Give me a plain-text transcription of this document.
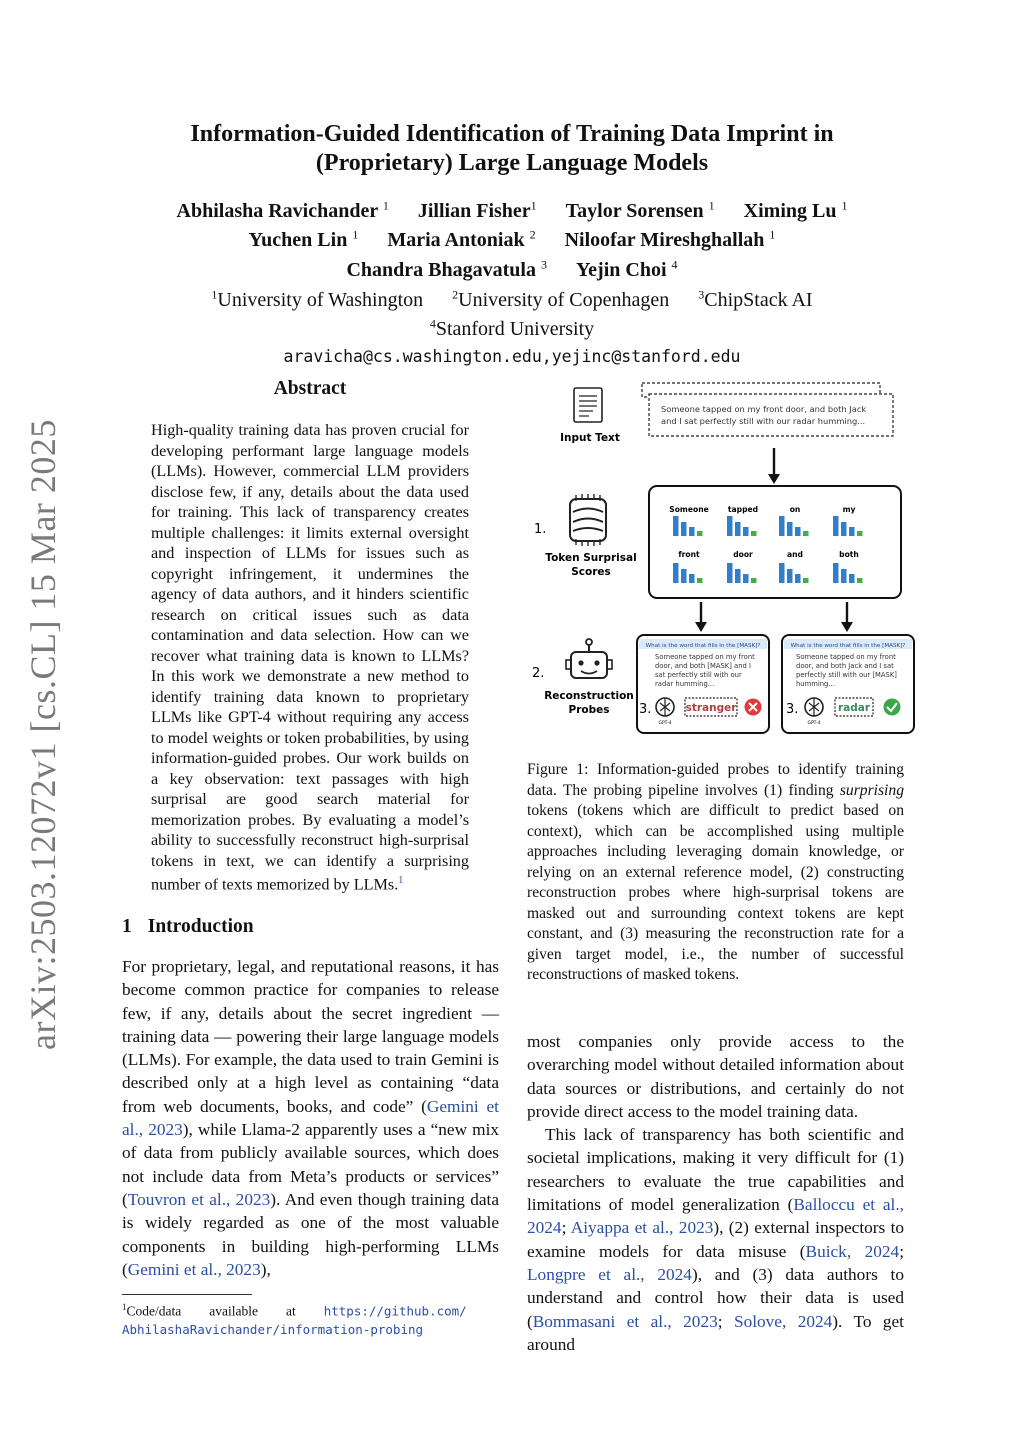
arXiv:2503.12072v1 [cs.CL] 15 Mar 2025
Information-Guided Identification of Training Data Imprint in
(Proprietary) Large Language Models
Abhilasha Ravichander $^1$ Jillian Fisher$^1$ Taylor Sorensen $^1$ Ximing Lu $^1$
Yuchen Lin $^1$ Maria Antoniak $^2$ Niloofar Mireshghallah $^1$
Chandra Bhagavatula $^3$ Yejin Choi $^4$
$^1$University of Washington $^2$University of Copenhagen $^3$ChipStack AI
$^4$Stanford University
aravicha@cs.washington.edu,yejinc@stanford.edu
Abstract

High-quality training data has proven crucial for developing performant large language models (LLMs). However, commercial LLM providers disclose few, if any, details about the data used for training. This lack of transparency creates multiple challenges: it limits external oversight and inspection of LLMs for issues such as copyright infringement, it undermines the agency of data authors, and it hinders scientific research on critical issues such as data contamination and data selection. How can we recover what training data is known to LLMs? In this work we demonstrate a new method to identify training data known to proprietary LLMs like GPT-4 without requiring any access to model weights or token probabilities, by using information-guided probes. Our work builds on a key observation: text passages with high surprisal are good search material for memorization probes. By evaluating a model’s ability to successfully reconstruct high-surprisal tokens in text, we can identify a surprising number of texts memorized by LLMs.$^1$

1 Introduction
For proprietary, legal, and reputational reasons, it has become common practice for companies to release few, if any, details about the secret ingredient — training data — powering their large language models (LLMs). For example, the data used to train Gemini is described only at a high level as containing “data from web documents, books, and code” (Gemini et al., 2023), while Llama-2 apparently uses a “new mix of data from publicly available sources, which does not include data from Meta’s products or services” (Touvron et al., 2023). And even though training data is widely regarded as one of the most valuable components in building high-performing LLMs (Gemini et al., 2023),
$^1$Code/data available at https://github.com/
AbhilashaRavichander/information-probing
Input Text
Someone tapped on my front door, and both Jack
and I sat perfectly still with our radar humming...
1.
Token Surprisal
Scores
Someone	tapped	on	my
front	door	and	both
2.
Reconstruction
Probes
What is the word that fills in the [MASK]?
Someone tapped on my front
door, and both [MASK] and I
sat perfectly still with our
radar humming...
3.
GPT-4
stranger
What is the word that fills in the [MASK]?
Someone tapped on my front
door, and both Jack and I sat
perfectly still with our [MASK]
humming...
3.
GPT-4
radar
Figure 1: Information-guided probes to identify training data. The probing pipeline involves (1) finding surprising tokens (tokens which are difficult to predict based on context), which can be accomplished using multiple approaches including leveraging domain knowledge, or relying on an external reference model, (2) constructing reconstruction probes where high-surprisal tokens are masked out and surrounding context tokens are kept constant, and (3) measuring the reconstruction rate for a given target model, i.e., the number of successful reconstructions of masked tokens.

most companies only provide access to the overarching model without detailed information about data sources or distributions, and certainly do not provide direct access to the model training data.

This lack of transparency has both scientific and societal implications, making it very difficult for (1) researchers to evaluate the true capabilities and limitations of model generalization (Balloccu et al., 2024; Aiyappa et al., 2023), (2) external inspectors to examine models for data misuse (Buick, 2024; Longpre et al., 2024), and (3) data authors to understand and control how their data is used (Bommasani et al., 2023; Solove, 2024). To get around
